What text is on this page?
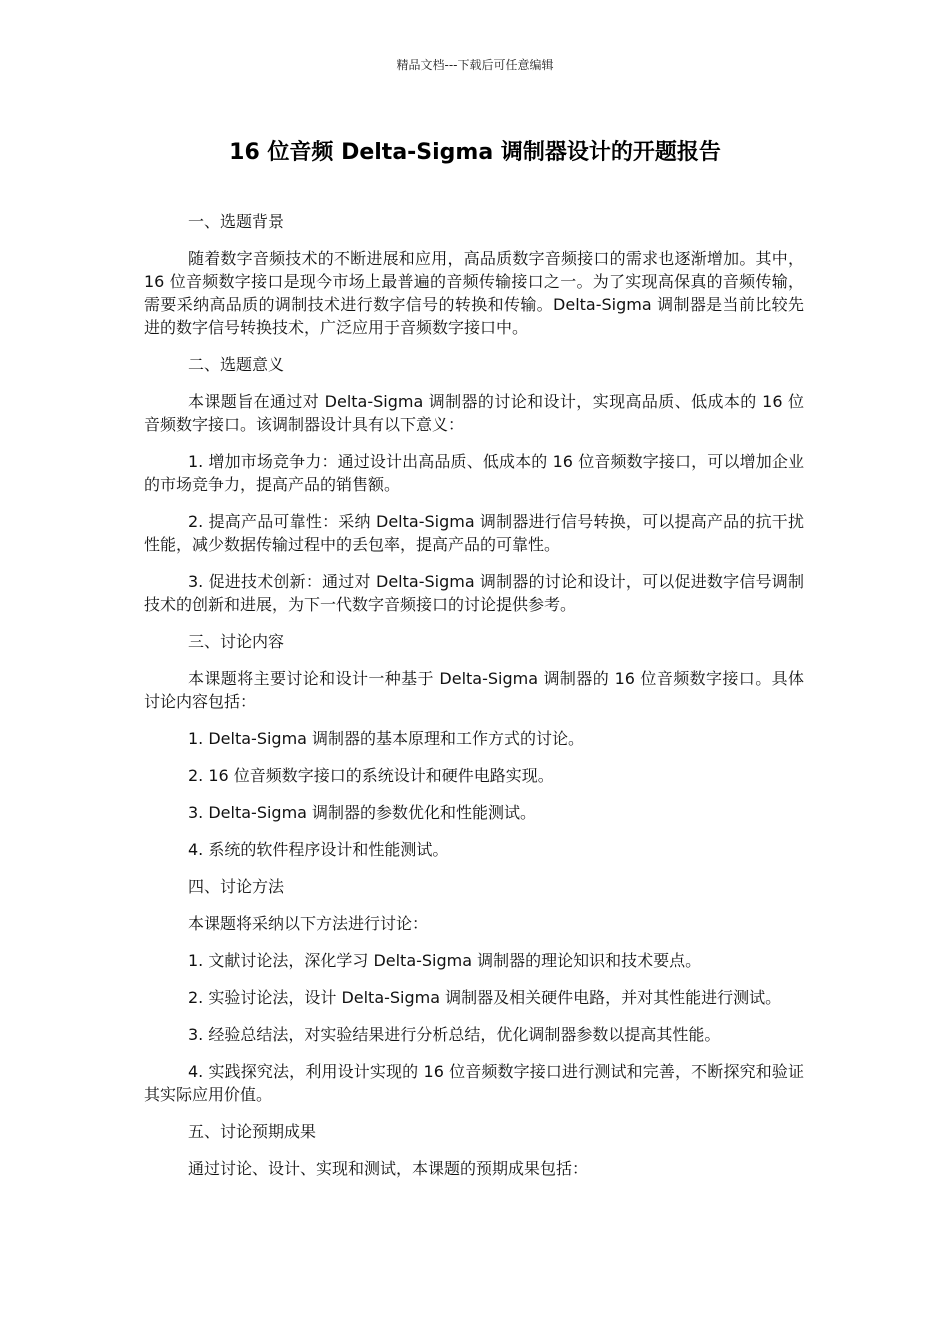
精品文档---下载后可任意编辑
16 位音频 Delta-Sigma 调制器设计的开题报告

一、选题背景

随着数字音频技术的不断进展和应用，高品质数字音频接口的需求也逐渐增加。其中，16 位音频数字接口是现今市场上最普遍的音频传输接口之一。为了实现高保真的音频传输，需要采纳高品质的调制技术进行数字信号的转换和传输。Delta-Sigma 调制器是当前比较先进的数字信号转换技术，广泛应用于音频数字接口中。

二、选题意义

本课题旨在通过对 Delta-Sigma 调制器的讨论和设计，实现高品质、低成本的 16 位音频数字接口。该调制器设计具有以下意义：

1. 增加市场竞争力：通过设计出高品质、低成本的 16 位音频数字接口，可以增加企业的市场竞争力，提高产品的销售额。

2. 提高产品可靠性：采纳 Delta-Sigma 调制器进行信号转换，可以提高产品的抗干扰性能，减少数据传输过程中的丢包率，提高产品的可靠性。

3. 促进技术创新：通过对 Delta-Sigma 调制器的讨论和设计，可以促进数字信号调制技术的创新和进展，为下一代数字音频接口的讨论提供参考。

三、讨论内容

本课题将主要讨论和设计一种基于 Delta-Sigma 调制器的 16 位音频数字接口。具体讨论内容包括：

1. Delta-Sigma 调制器的基本原理和工作方式的讨论。

2. 16 位音频数字接口的系统设计和硬件电路实现。

3. Delta-Sigma 调制器的参数优化和性能测试。

4. 系统的软件程序设计和性能测试。

四、讨论方法

本课题将采纳以下方法进行讨论：

1. 文献讨论法，深化学习 Delta-Sigma 调制器的理论知识和技术要点。

2. 实验讨论法，设计 Delta-Sigma 调制器及相关硬件电路，并对其性能进行测试。

3. 经验总结法，对实验结果进行分析总结，优化调制器参数以提高其性能。

4. 实践探究法，利用设计实现的 16 位音频数字接口进行测试和完善，不断探究和验证其实际应用价值。

五、讨论预期成果

通过讨论、设计、实现和测试，本课题的预期成果包括：
